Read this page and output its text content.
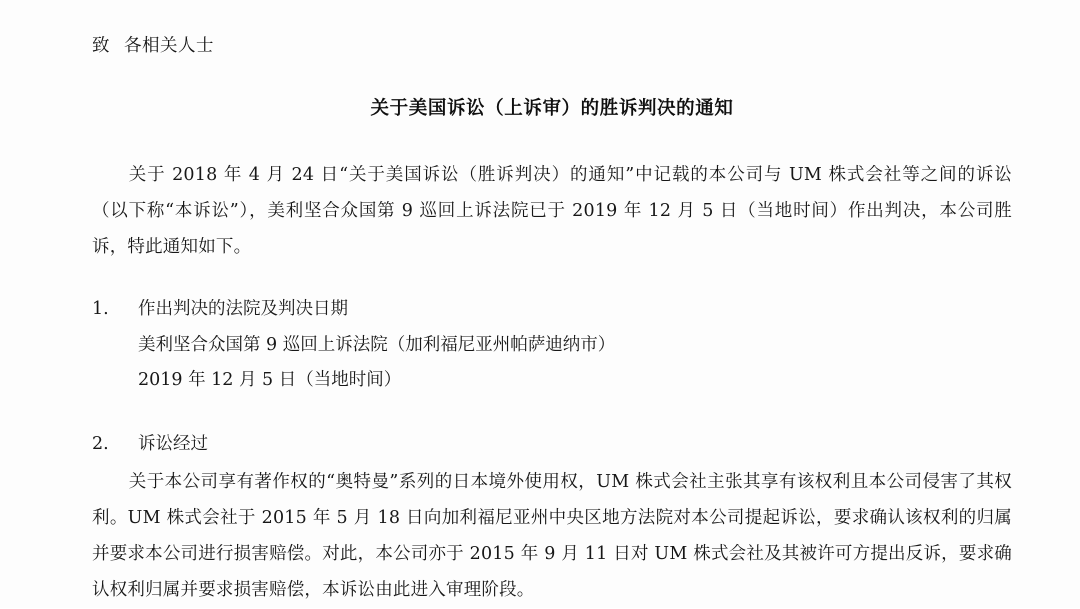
致 各相关人士
关于美国诉讼（上诉审）的胜诉判决的通知
关于 2018 年 4 月 24 日“关于美国诉讼（胜诉判决）的通知”中记载的本公司与 UM 株式会社等之间的诉讼（以下称“本诉讼”），美利坚合众国第 9 巡回上诉法院已于 2019 年 12 月 5 日（当地时间）作出判决，本公司胜诉，特此通知如下。
1.	作出判决的法院及判决日期
美利坚合众国第 9 巡回上诉法院（加利福尼亚州帕萨迪纳市）
2019 年 12 月 5 日（当地时间）
2.	诉讼经过
关于本公司享有著作权的“奥特曼”系列的日本境外使用权，UM 株式会社主张其享有该权利且本公司侵害了其权利。UM 株式会社于 2015 年 5 月 18 日向加利福尼亚州中央区地方法院对本公司提起诉讼，要求确认该权利的归属并要求本公司进行损害赔偿。对此，本公司亦于 2015 年 9 月 11 日对 UM 株式会社及其被许可方提出反诉，要求确认权利归属并要求损害赔偿，本诉讼由此进入审理阶段。
